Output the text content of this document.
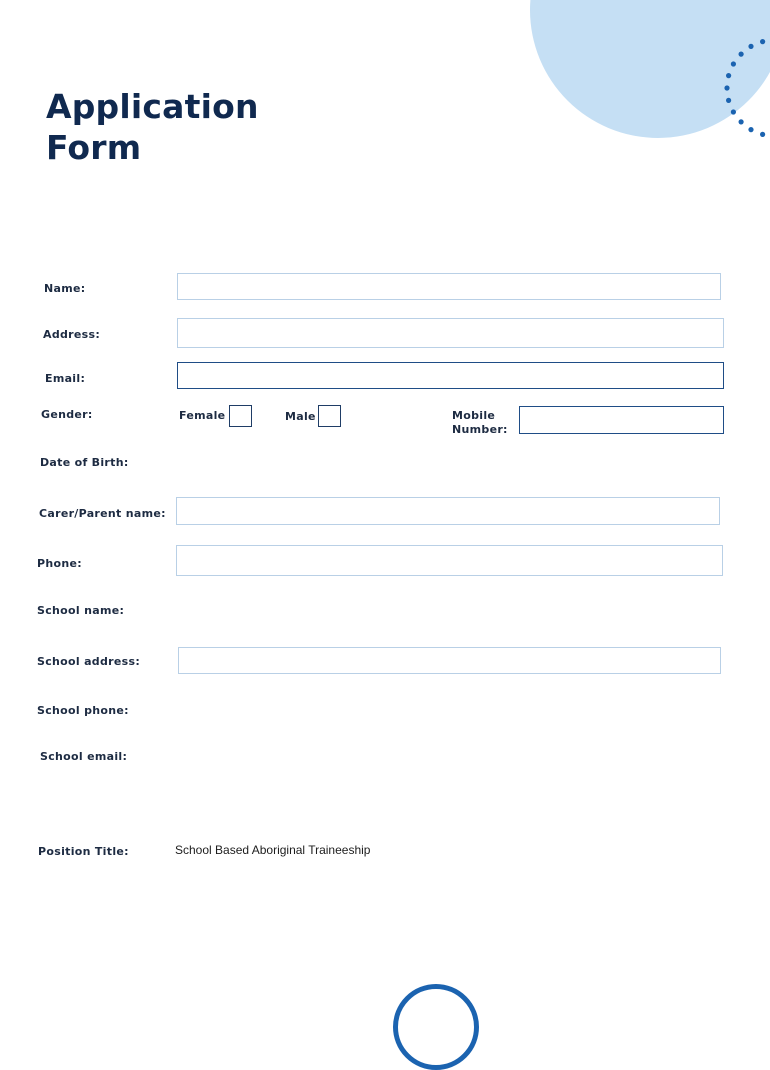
Application
Form
Name:
Address:
Email:
Gender:	Female	Male	Mobile
Number:
Date of Birth:
Carer/Parent name:
Phone:
School name:
School address:
School phone:
School email:
Position Title:	School Based Aboriginal Traineeship
